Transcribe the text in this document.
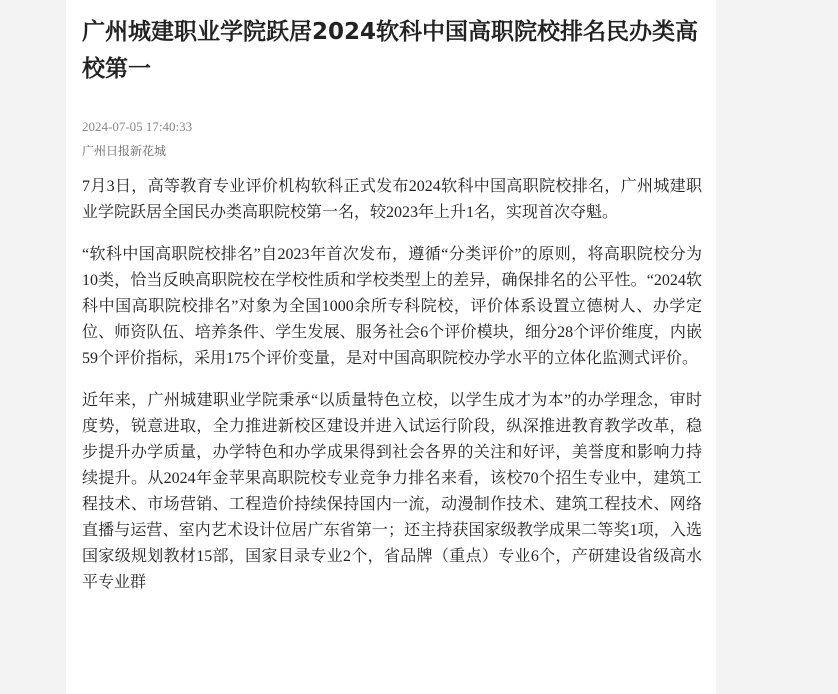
广州城建职业学院跃居2024软科中国高职院校排名民办类高校第一
2024-07-05 17:40:33
广州日报新花城

7月3日，高等教育专业评价机构软科正式发布2024软科中国高职院校排名，广州城建职业学院跃居全国民办类高职院校第一名，较2023年上升1名，实现首次夺魁。

“软科中国高职院校排名”自2023年首次发布，遵循“分类评价”的原则，将高职院校分为10类，恰当反映高职院校在学校性质和学校类型上的差异，确保排名的公平性。“2024软科中国高职院校排名”对象为全国1000余所专科院校，评价体系设置立德树人、办学定位、师资队伍、培养条件、学生发展、服务社会6个评价模块，细分28个评价维度，内嵌59个评价指标，采用175个评价变量，是对中国高职院校办学水平的立体化监测式评价。

近年来，广州城建职业学院秉承“以质量特色立校，以学生成才为本”的办学理念，审时度势，锐意进取，全力推进新校区建设并进入试运行阶段，纵深推进教育教学改革，稳步提升办学质量，办学特色和办学成果得到社会各界的关注和好评，美誉度和影响力持续提升。从2024年金苹果高职院校专业竞争力排名来看，该校70个招生专业中，建筑工程技术、市场营销、工程造价持续保持国内一流，动漫制作技术、建筑工程技术、网络直播与运营、室内艺术设计位居广东省第一；还主持获国家级教学成果二等奖1项，入选国家级规划教材15部，国家目录专业2个，省品牌（重点）专业6个，产研建设省级高水平专业群
